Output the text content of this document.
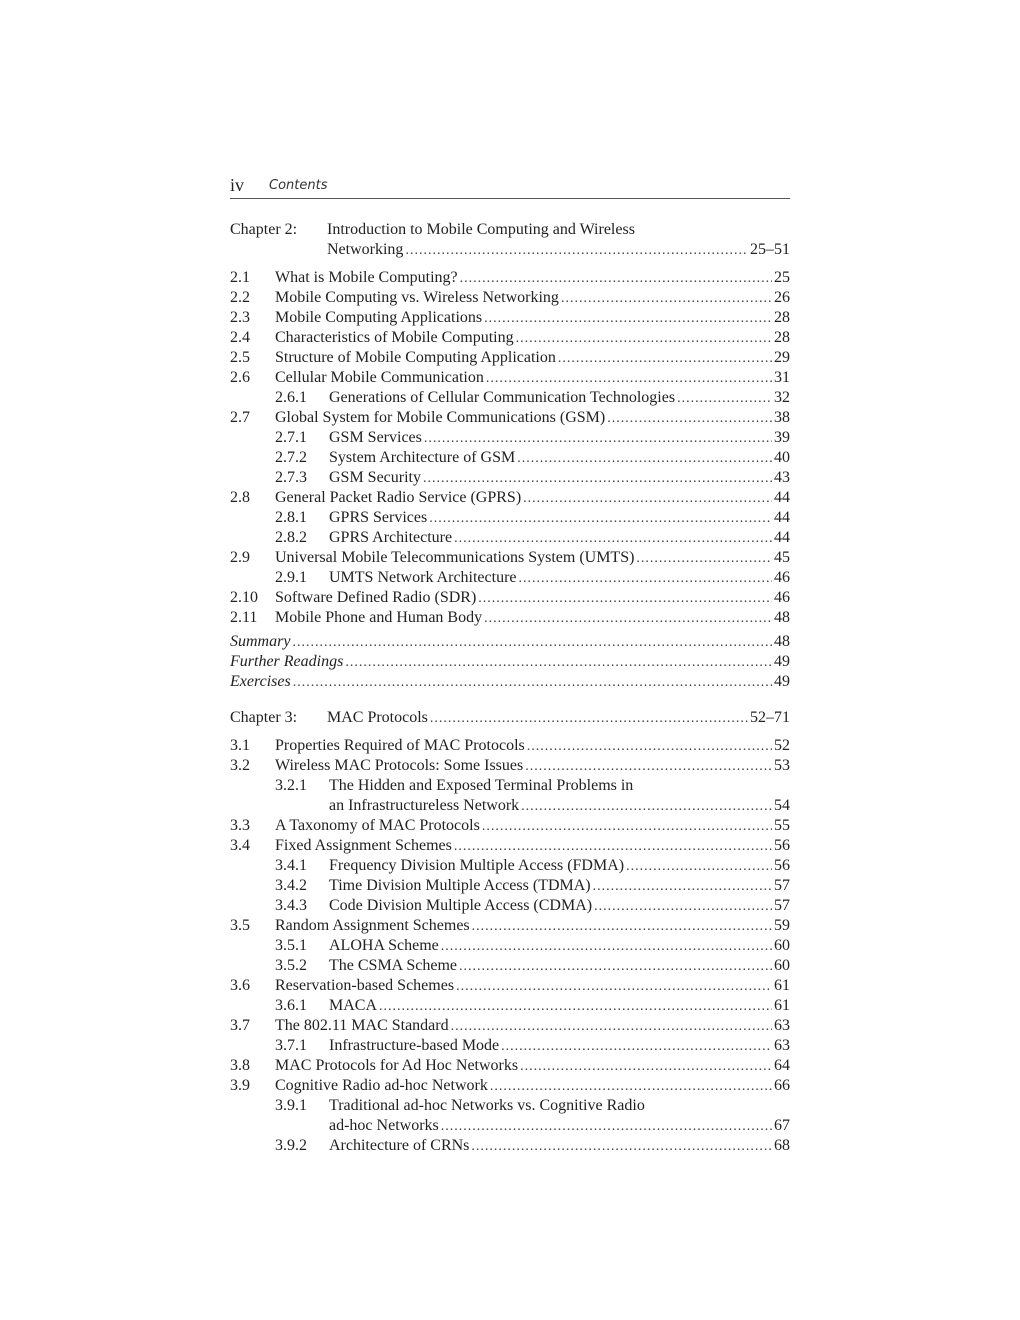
iv Contents
Chapter 2:	Introduction to Mobile Computing and Wireless
Networking .....	25–51
2.1	What is Mobile Computing? .....	25
2.2	Mobile Computing vs. Wireless Networking .....	26
2.3	Mobile Computing Applications .....	28
2.4	Characteristics of Mobile Computing .....	28
2.5	Structure of Mobile Computing Application .....	29
2.6	Cellular Mobile Communication .....	31
2.6.1	Generations of Cellular Communication Technologies .....	32
2.7	Global System for Mobile Communications (GSM) .....	38
2.7.1	GSM Services .....	39
2.7.2	System Architecture of GSM .....	40
2.7.3	GSM Security .....	43
2.8	General Packet Radio Service (GPRS) .....	44
2.8.1	GPRS Services .....	44
2.8.2	GPRS Architecture .....	44
2.9	Universal Mobile Telecommunications System (UMTS) .....	45
2.9.1	UMTS Network Architecture .....	46
2.10	Software Defined Radio (SDR) .....	46
2.11	Mobile Phone and Human Body .....	48
Summary .....	48
Further Readings .....	49
Exercises .....	49
Chapter 3:	MAC Protocols .....	52–71
3.1	Properties Required of MAC Protocols .....	52
3.2	Wireless MAC Protocols: Some Issues .....	53
3.2.1	The Hidden and Exposed Terminal Problems in
an Infrastructureless Network .....	54
3.3	A Taxonomy of MAC Protocols .....	55
3.4	Fixed Assignment Schemes .....	56
3.4.1	Frequency Division Multiple Access (FDMA) .....	56
3.4.2	Time Division Multiple Access (TDMA) .....	57
3.4.3	Code Division Multiple Access (CDMA) .....	57
3.5	Random Assignment Schemes .....	59
3.5.1	ALOHA Scheme .....	60
3.5.2	The CSMA Scheme .....	60
3.6	Reservation-based Schemes .....	61
3.6.1	MACA .....	61
3.7	The 802.11 MAC Standard .....	63
3.7.1	Infrastructure-based Mode .....	63
3.8	MAC Protocols for Ad Hoc Networks .....	64
3.9	Cognitive Radio ad-hoc Network .....	66
3.9.1	Traditional ad-hoc Networks vs. Cognitive Radio
ad-hoc Networks .....	67
3.9.2	Architecture of CRNs .....	68
